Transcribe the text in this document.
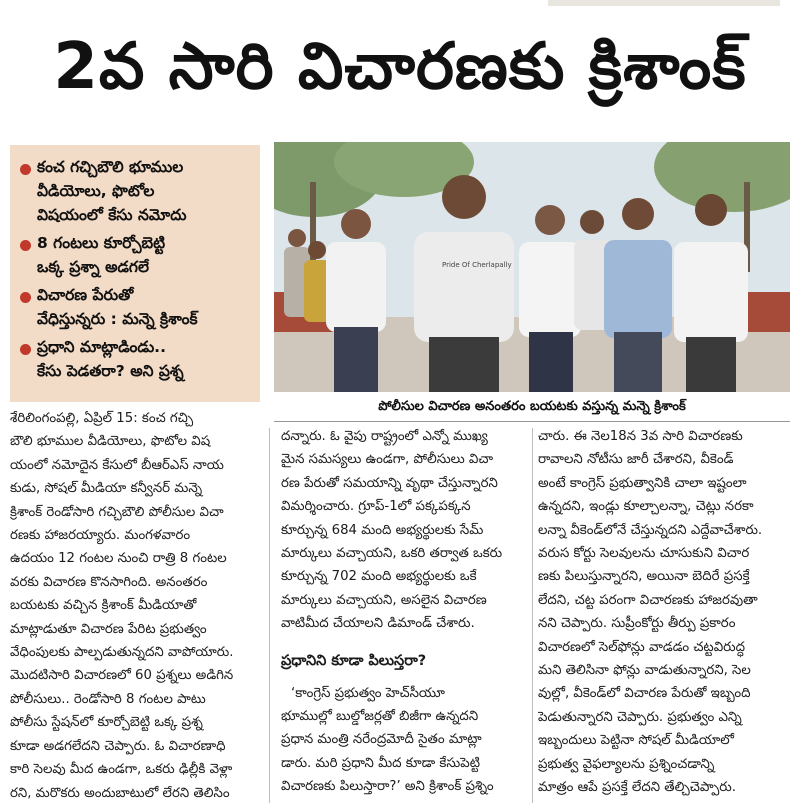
2వ సారి విచారణకు క్రిశాంక్
కంచ గచ్చిబౌలి భూముల
వీడియోలు, ఫొటోల
విషయంలో కేసు నమోదు
8 గంటలు కూర్చోబెట్టి
ఒక్క ప్రశ్నా అడగలే
విచారణ పేరుతో
వేధిస్తున్నరు : మన్నె క్రిశాంక్
ప్రధాని మాట్లాడిండు..
కేసు పెడతరా? అని ప్రశ్న
Pride Of Cherlapally
పోలీసుల విచారణ అనంతరం బయటకు వస్తున్న మన్నె క్రిశాంక్
శేరిలింగంపల్లి, ఏప్రిల్ 15: కంచ గచ్చి
బౌలి భూముల వీడియోలు, ఫొటోల విష
యంలో నమోదైన కేసులో బీఆర్ఎస్ నాయ
కుడు, సోషల్ మీడియా కన్వీనర్ మన్నె
క్రిశాంక్ రెండోసారి గచ్చిబౌలి పోలీసుల విచా
రణకు హాజరయ్యారు. మంగళవారం
ఉదయం 12 గంటల నుంచి రాత్రి 8 గంటల
వరకు విచారణ కొనసాగింది. అనంతరం
బయటకు వచ్చిన క్రిశాంక్ మీడియాతో
మాట్లాడుతూ విచారణ పేరిట ప్రభుత్వం
వేధింపులకు పాల్పడుతున్నదని వాపోయారు.
మొదటిసారి విచారణలో 60 ప్రశ్నలు అడిగిన
పోలీసులు.. రెండోసారి 8 గంటల పాటు
పోలీసు స్టేషన్‌లో కూర్చోబెట్టి ఒక్క ప్రశ్న
కూడా అడగలేదని చెప్పారు. ఓ విచారణాధి
కారి సెలవు మీద ఉండగా, ఒకరు ఢిల్లీకి వెళ్లా
రని, మరొకరు అందుబాటులో లేరని తెలిసిం
దన్నారు. ఓ వైపు రాష్ట్రంలో ఎన్నో ముఖ్య
మైన సమస్యలు ఉండగా, పోలీసులు విచా
రణ పేరుతో సమయాన్ని వృథా చేస్తున్నారని
విమర్శించారు. గ్రూప్-1లో పక్కపక్కన
కూర్చున్న 684 మంది అభ్యర్థులకు సేమ్
మార్కులు వచ్చాయని, ఒకరి తర్వాత ఒకరు
కూర్చున్న 702 మంది అభ్యర్థులకు ఒకే
మార్కులు వచ్చాయని, అసలైన విచారణ
వాటిమీద చేయాలని డిమాండ్ చేశారు.
ప్రధానిని కూడా పిలుస్తరా?
‘కాంగ్రెస్ ప్రభుత్వం హెచ్‌సీయూ
భూముల్లో బుల్డోజర్లతో బిజీగా ఉన్నదని
ప్రధాన మంత్రి నరేంద్రమోదీ సైతం మాట్లా
డారు. మరి ప్రధాని మీద కూడా కేసుపెట్టి
విచారణకు పిలుస్తారా?’ అని క్రిశాంక్ ప్రశ్నిం
చారు. ఈ నెల18న 3వ సారి విచారణకు
రావాలని నోటీసు జారీ చేశారని, వీకెండ్
అంటే కాంగ్రెస్ ప్రభుత్వానికి చాలా ఇష్టంలా
ఉన్నదని, ఇండ్లు కూల్చాలన్నా, చెట్లు నరకా
లన్నా వీకెండ్‌లోనే చేస్తున్నదని ఎద్దేవాచేశారు.
వరుస కోర్టు సెలవులను చూసుకుని విచార
ణకు పిలుస్తున్నారని, అయినా బెదిరే ప్రసక్తే
లేదని, చట్ట పరంగా విచారణకు హాజరవుతా
నని చెప్పారు. సుప్రీంకోర్టు తీర్పు ప్రకారం
విచారణలో సెల్‌ఫోన్లు వాడడం చట్టవిరుద్ధ
మని తెలిసినా ఫోన్లు వాడుతున్నారని, సెల
వుల్లో, వీకెండ్‌లో విచారణ పేరుతో ఇబ్బంది
పెడుతున్నారని చెప్పారు. ప్రభుత్వం ఎన్ని
ఇబ్బందులు పెట్టినా సోషల్ మీడియాలో
ప్రభుత్వ వైఫల్యాలను ప్రశ్నించడాన్ని
మాత్రం ఆపే ప్రసక్తే లేదని తేల్చిచెప్పారు.
